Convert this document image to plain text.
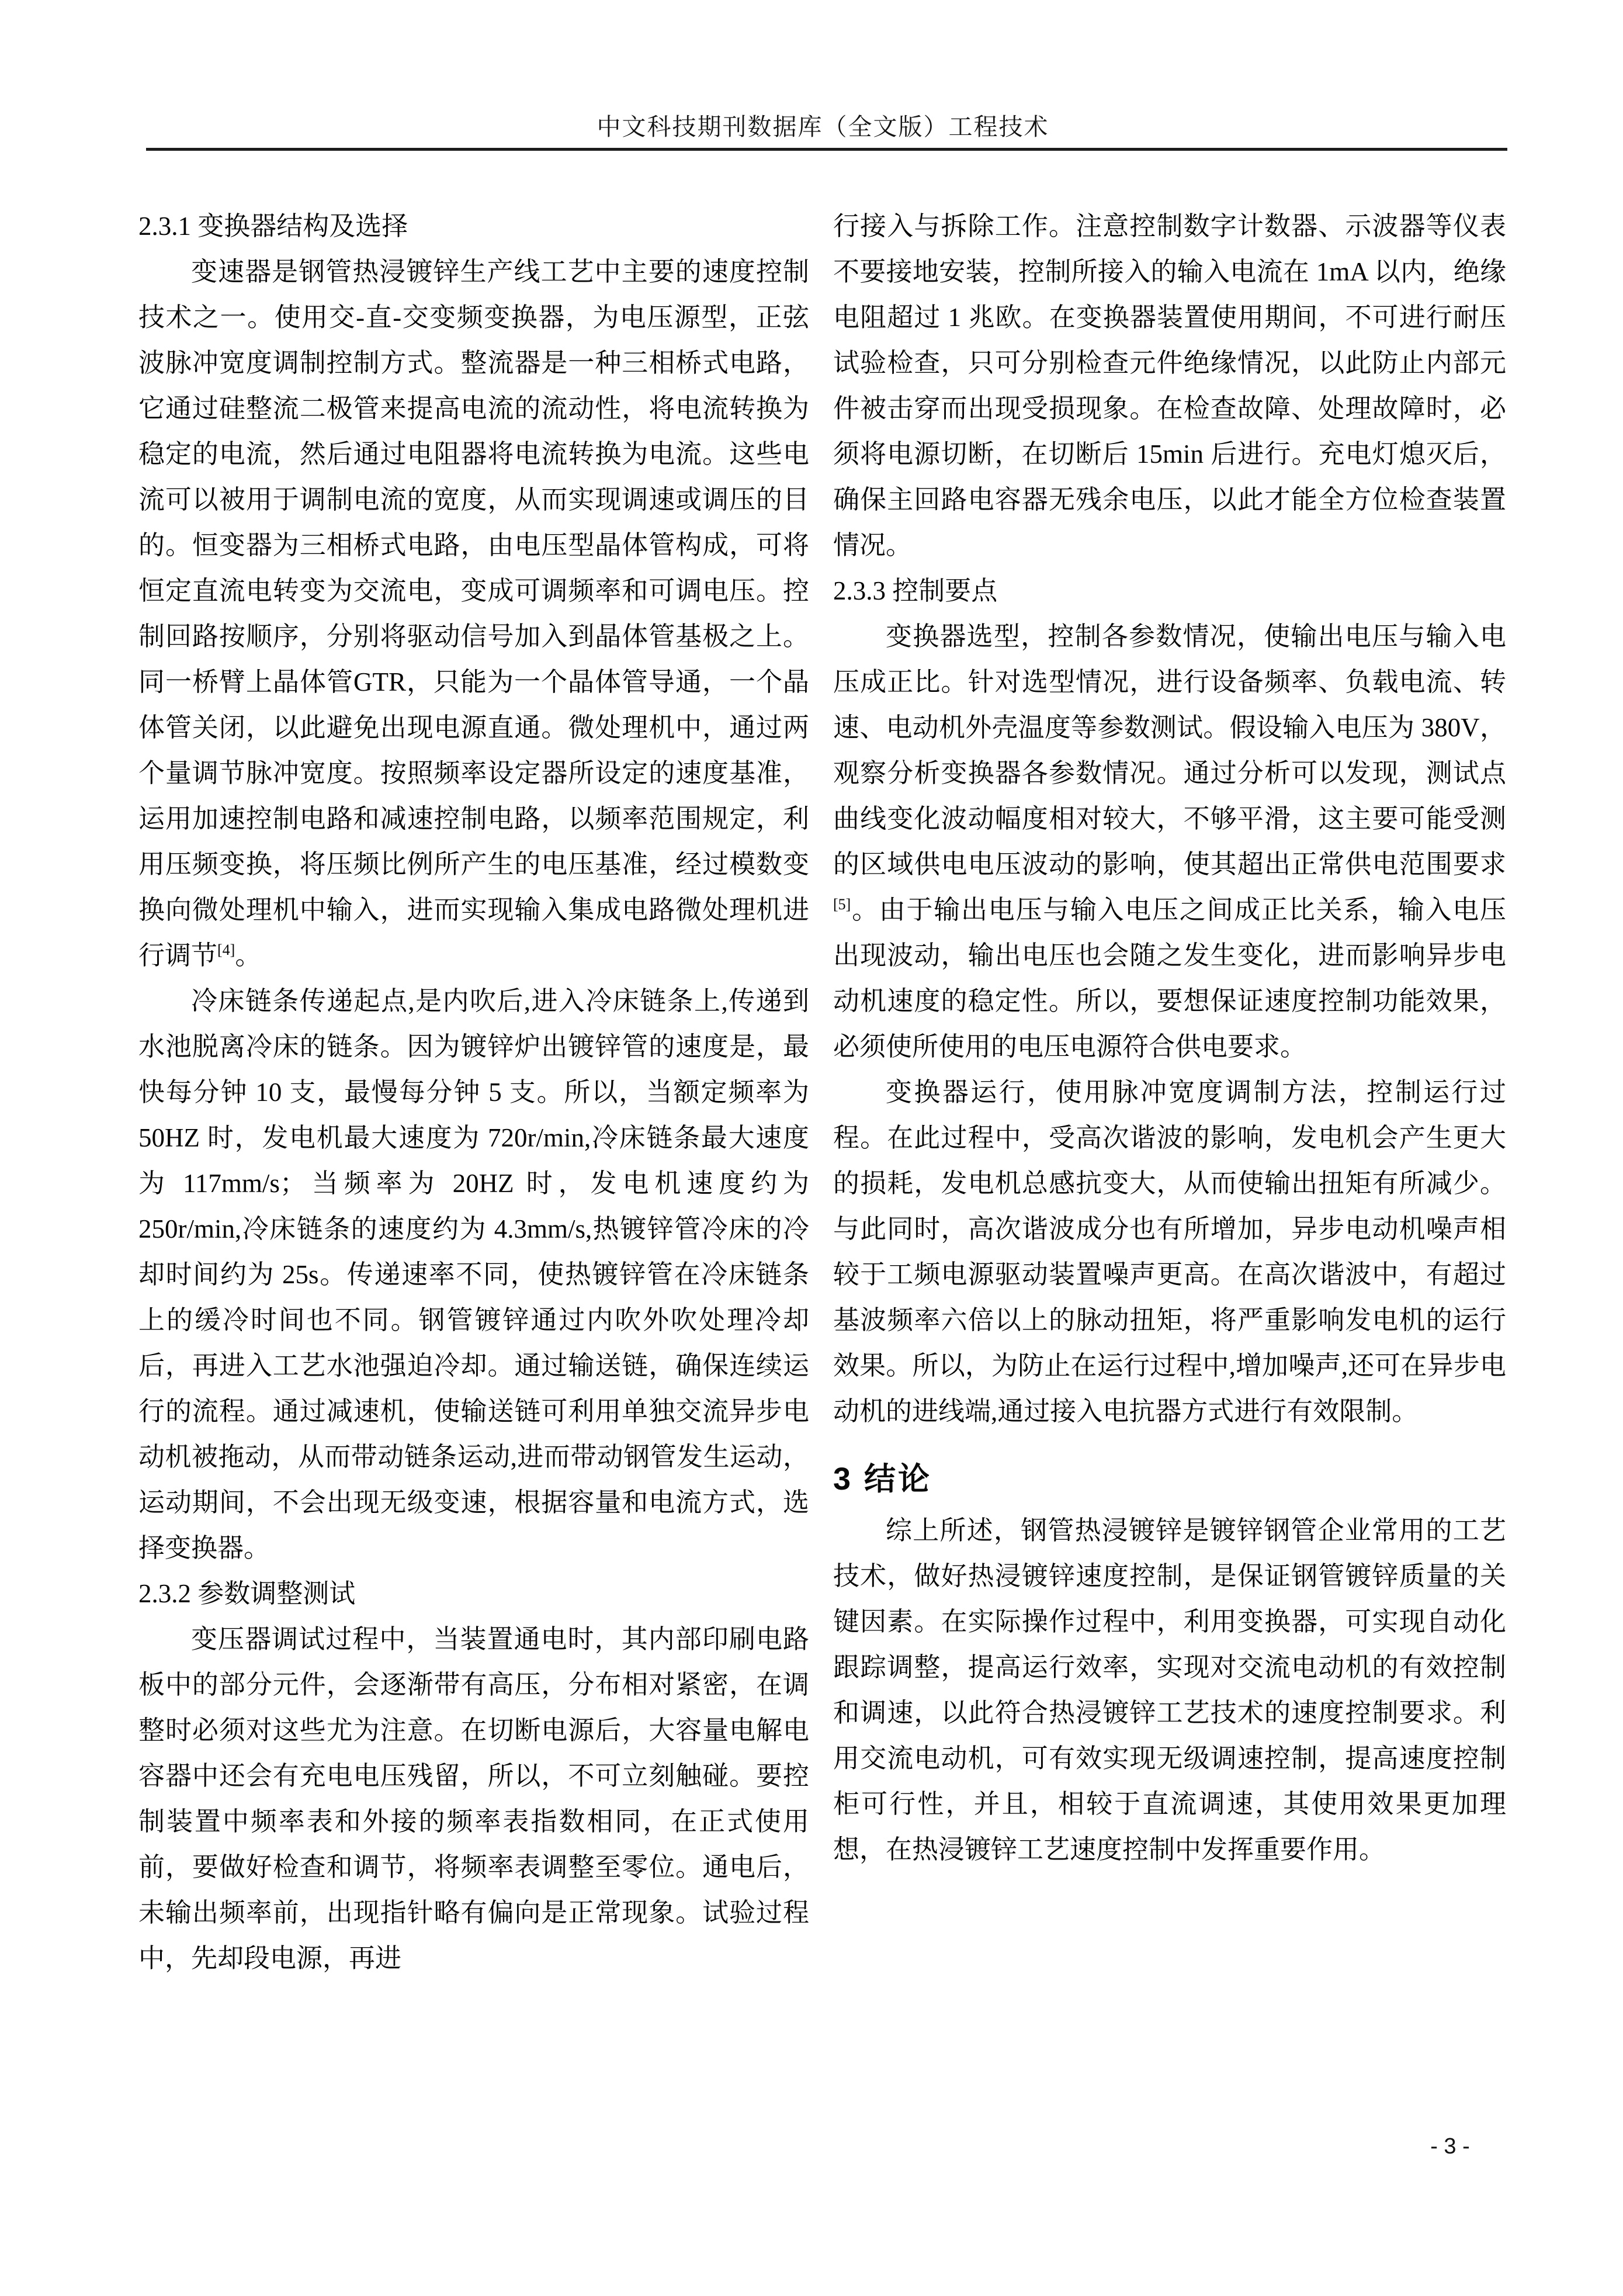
中文科技期刊数据库（全文版）工程技术
2.3.1 变换器结构及选择

变速器是钢管热浸镀锌生产线工艺中主要的速度控制技术之一。使用交-直-交变频变换器，为电压源型，正弦波脉冲宽度调制控制方式。整流器是一种三相桥式电路，它通过硅整流二极管来提高电流的流动性，将电流转换为稳定的电流，然后通过电阻器将电流转换为电流。这些电流可以被用于调制电流的宽度，从而实现调速或调压的目的。恒变器为三相桥式电路，由电压型晶体管构成，可将恒定直流电转变为交流电，变成可调频率和可调电压。控制回路按顺序，分别将驱动信号加入到晶体管基极之上。同一桥臂上晶体管GTR，只能为一个晶体管导通，一个晶体管关闭，以此避免出现电源直通。微处理机中，通过两个量调节脉冲宽度。按照频率设定器所设定的速度基准，运用加速控制电路和减速控制电路，以频率范围规定，利用压频变换，将压频比例所产生的电压基准，经过模数变换向微处理机中输入，进而实现输入集成电路微处理机进行调节[4]。

冷床链条传递起点,是内吹后,进入冷床链条上,传递到水池脱离冷床的链条。因为镀锌炉出镀锌管的速度是，最快每分钟 10 支，最慢每分钟 5 支。所以，当额定频率为 50HZ 时，发电机最大速度为 720r/min,冷床链条最大速度为 117mm/s；当频率为 20HZ 时，发电机速度约为 250r/min,冷床链条的速度约为 4.3mm/s,热镀锌管冷床的冷却时间约为 25s。传递速率不同，使热镀锌管在冷床链条上的缓冷时间也不同。钢管镀锌通过内吹外吹处理冷却后，再进入工艺水池强迫冷却。通过输送链，确保连续运行的流程。通过减速机，使输送链可利用单独交流异步电动机被拖动，从而带动链条运动,进而带动钢管发生运动，运动期间，不会出现无级变速，根据容量和电流方式，选择变换器。

2.3.2 参数调整测试

变压器调试过程中，当装置通电时，其内部印刷电路板中的部分元件，会逐渐带有高压，分布相对紧密，在调整时必须对这些尤为注意。在切断电源后，大容量电解电容器中还会有充电电压残留，所以，不可立刻触碰。要控制装置中频率表和外接的频率表指数相同，在正式使用前，要做好检查和调节，将频率表调整至零位。通电后，未输出频率前，出现指针略有偏向是正常现象。试验过程中，先却段电源，再进

行接入与拆除工作。注意控制数字计数器、示波器等仪表不要接地安装，控制所接入的输入电流在 1mA 以内，绝缘电阻超过 1 兆欧。在变换器装置使用期间，不可进行耐压试验检查，只可分别检查元件绝缘情况，以此防止内部元件被击穿而出现受损现象。在检查故障、处理故障时，必须将电源切断，在切断后 15min 后进行。充电灯熄灭后，确保主回路电容器无残余电压，以此才能全方位检查装置情况。

2.3.3 控制要点

变换器选型，控制各参数情况，使输出电压与输入电压成正比。针对选型情况，进行设备频率、负载电流、转速、电动机外壳温度等参数测试。假设输入电压为 380V，观察分析变换器各参数情况。通过分析可以发现，测试点曲线变化波动幅度相对较大，不够平滑，这主要可能受测的区域供电电压波动的影响，使其超出正常供电范围要求[5]。由于输出电压与输入电压之间成正比关系，输入电压出现波动，输出电压也会随之发生变化，进而影响异步电动机速度的稳定性。所以，要想保证速度控制功能效果，必须使所使用的电压电源符合供电要求。

变换器运行，使用脉冲宽度调制方法，控制运行过程。在此过程中，受高次谐波的影响，发电机会产生更大的损耗，发电机总感抗变大，从而使输出扭矩有所减少。与此同时，高次谐波成分也有所增加，异步电动机噪声相较于工频电源驱动装置噪声更高。在高次谐波中，有超过基波频率六倍以上的脉动扭矩，将严重影响发电机的运行效果。所以，为防止在运行过程中,增加噪声,还可在异步电动机的进线端,通过接入电抗器方式进行有效限制。

3 结论

综上所述，钢管热浸镀锌是镀锌钢管企业常用的工艺技术，做好热浸镀锌速度控制，是保证钢管镀锌质量的关键因素。在实际操作过程中，利用变换器，可实现自动化跟踪调整，提高运行效率，实现对交流电动机的有效控制和调速，以此符合热浸镀锌工艺技术的速度控制要求。利用交流电动机，可有效实现无级调速控制，提高速度控制柜可行性，并且，相较于直流调速，其使用效果更加理想，在热浸镀锌工艺速度控制中发挥重要作用。

- 3 -
